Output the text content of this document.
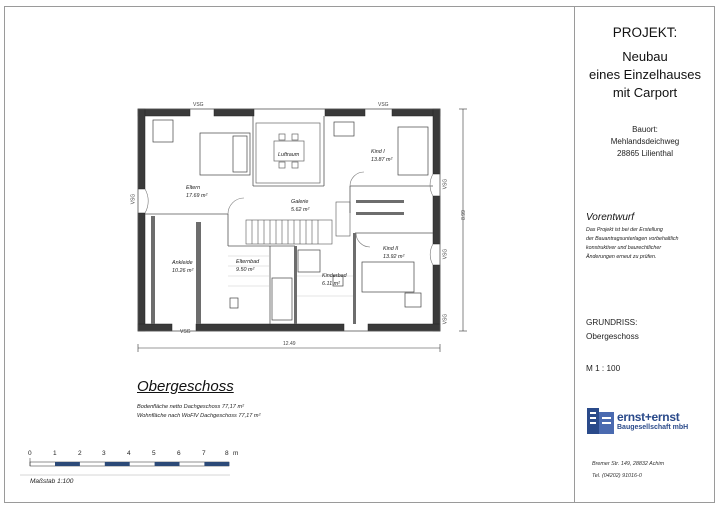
VSG	VSG
VSG
VSG
VSG
VSG
VSG
Eltern
17.69 m²
Luftraum	Kind I
13.87 m²
Galerie
5.62 m²
Ankleide
10.26 m²
Elternbad
9.50 m²
Kinderbad
6.11 m²
Kind II
13.92 m²
12.49
8.99
Obergeschoss
Bodenfläche netto Dachgeschoss 77,17 m²
Wohnfläche nach WoFlV Dachgeschoss 77,17 m²
0	1	2	3	4	5	6	7	8 m
Maßstab 1:100
PROJEKT:
Neubau
eines Einzelhauses
mit Carport
Bauort:
Mehlandsdeichweg
28865 Lilienthal
Vorentwurf
Das Projekt ist bei der Erstellung
der Bauantragsunterlagen vorbehaltlich
konstruktiver und baurechtlicher
Änderungen erneut zu prüfen.
GRUNDRISS:
Obergeschoss
M 1 : 100
ernst+ernst
Baugesellschaft mbH
Bremer Str. 149, 28832 Achim
Tel. (04202) 91016-0
